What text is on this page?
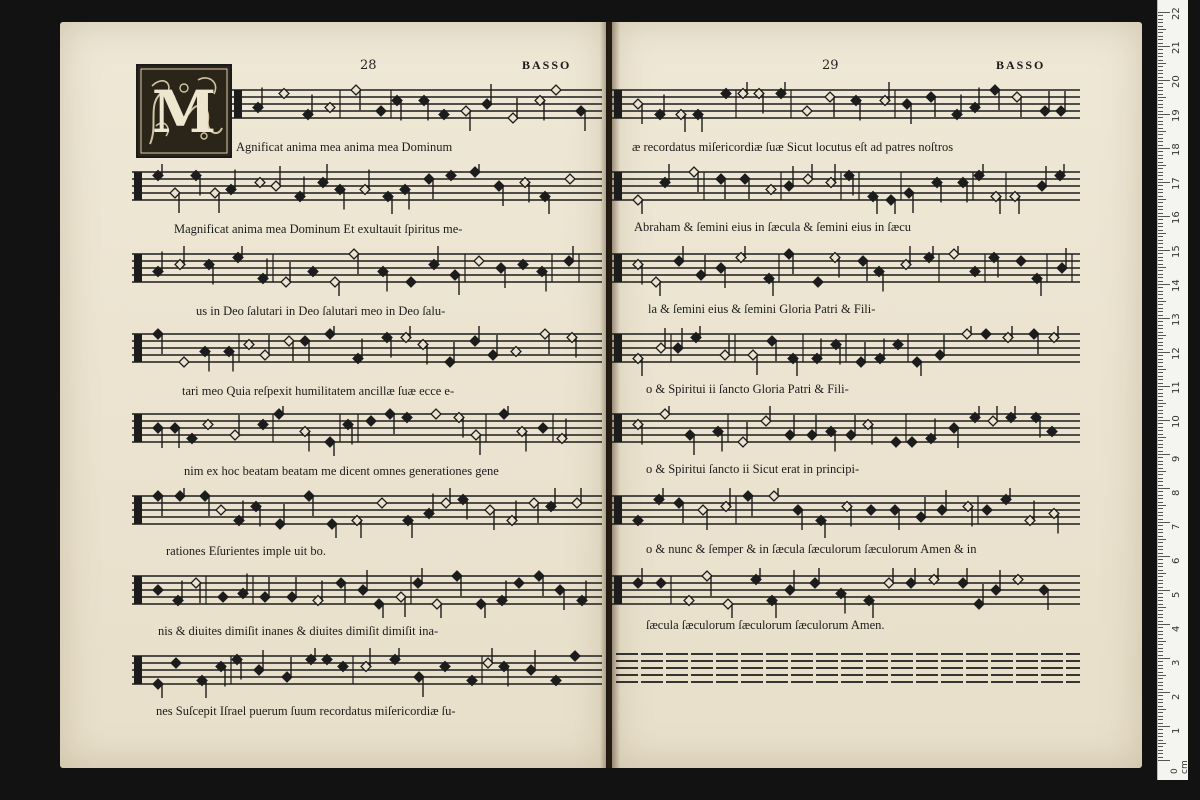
28	BASSO	29	BASSO
M
Agnificat anima mea anima mea Dominum
Magnificat anima mea Dominum Et exultauit ſpiritus me-
us in Deo ſalutari in Deo ſalutari meo in Deo ſalu-
tari meo Quia reſpexit humilitatem ancillæ ſuæ ecce e-
nim ex hoc beatam beatam me dicent omnes generationes gene
rationes Eſurientes imple uit bo.
nis & diuites dimiſit inanes & diuites dimiſit dimiſit ina-
nes Suſcepit Iſrael puerum ſuum recordatus miſericordiæ ſu-
æ recordatus miſericordiæ ſuæ Sicut locutus eſt ad patres noſtros
Abraham & ſemini eius in ſæcula & ſemini eius in ſæcu
la & ſemini eius & ſemini Gloria Patri & Fili-
o & Spiritui ii ſancto Gloria Patri & Fili-
o & Spiritui ſancto ii Sicut erat in principi-
o & nunc & ſemper & in ſæcula ſæculorum ſæculorum Amen & in
ſæcula ſæculorum ſæculorum ſæculorum Amen.
1
2
3
4
5
6
7
8
9
10
11
12
13
14
15
16
17
18
19
20
21
22
0 cm
